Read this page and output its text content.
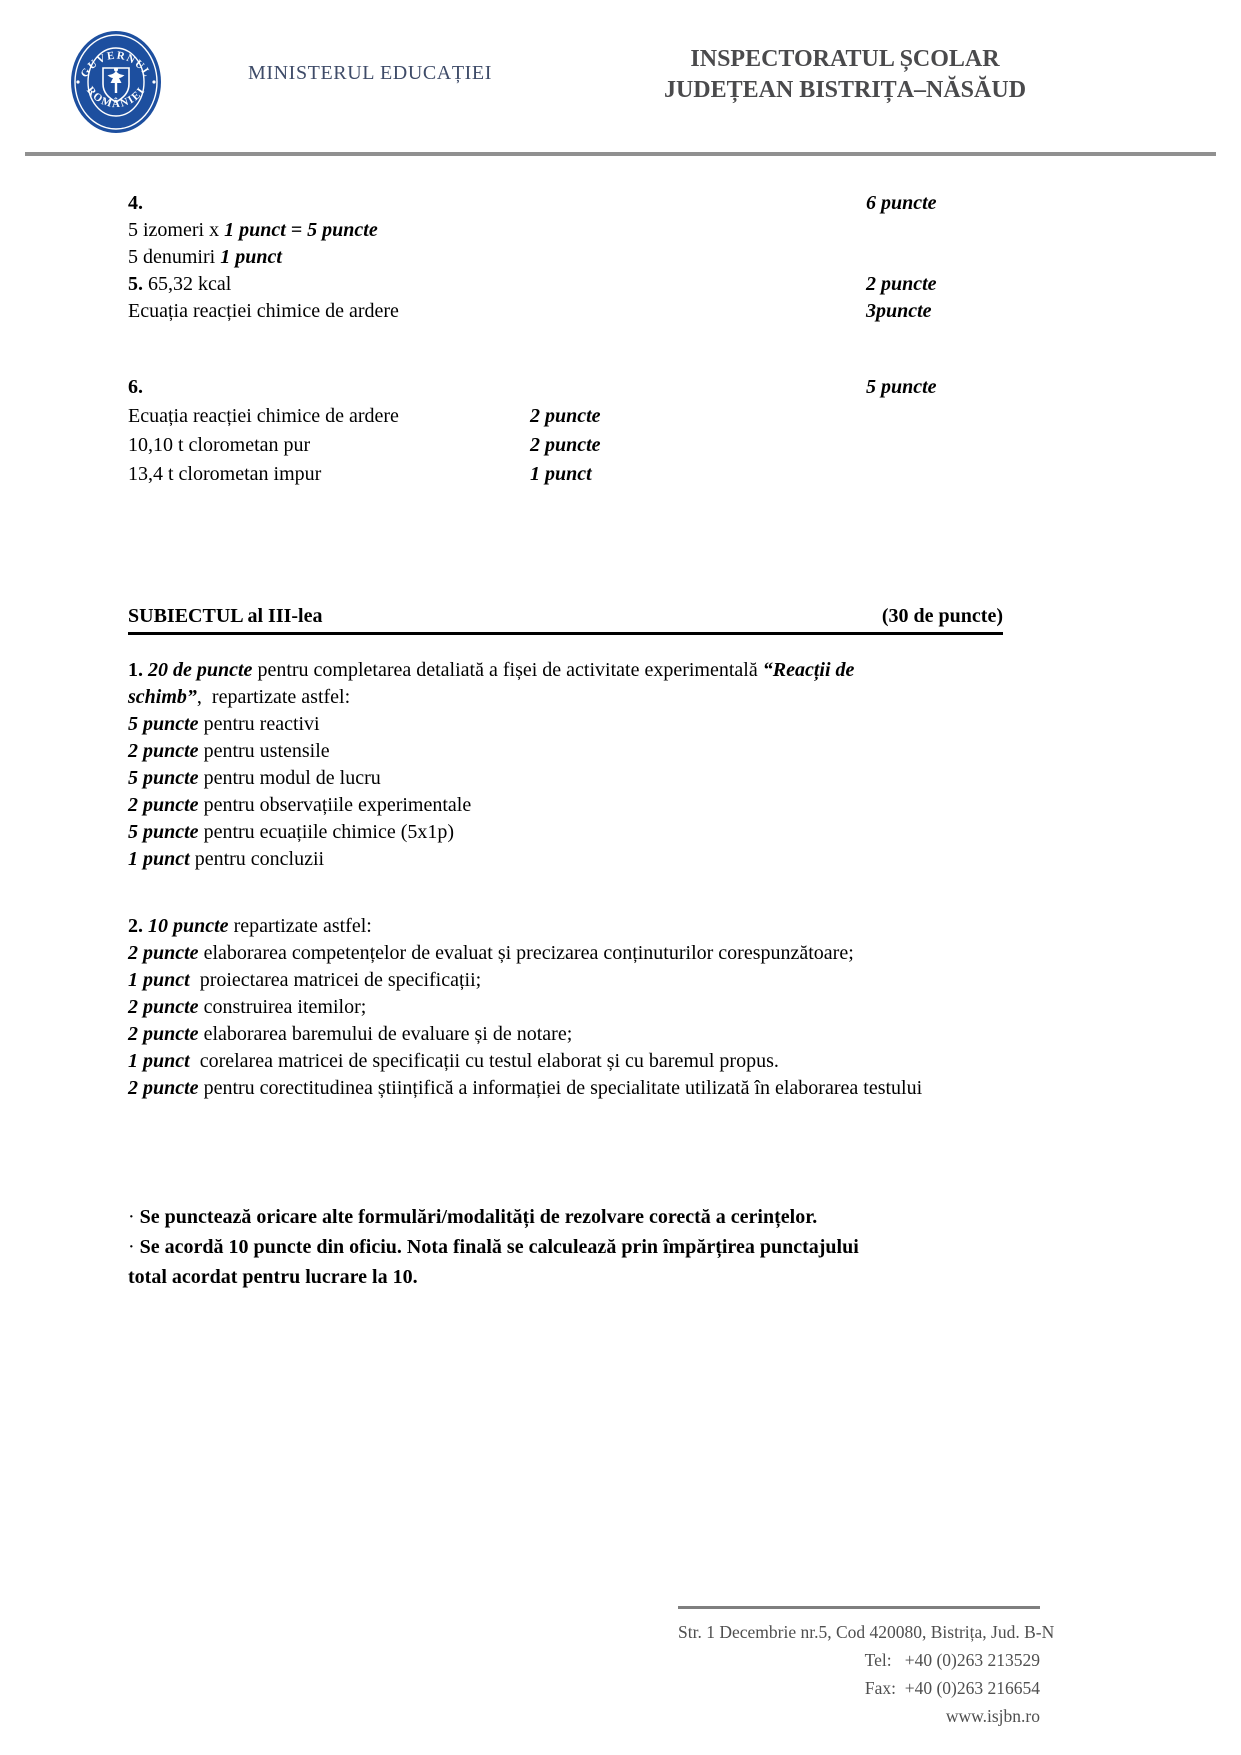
GUVERNUL
ROMÂNIEI
MINISTERUL EDUCAȚIEI
INSPECTORATUL ȘCOLAR
JUDEȚEAN BISTRIȚA–NĂSĂUD
4.	6 puncte
5 izomeri x 1 punct = 5 puncte
5 denumiri 1 punct
5. 65,32 kcal	2 puncte
Ecuația reacției chimice de ardere	3puncte
6.	5 puncte
Ecuația reacției chimice de ardere	2 puncte
10,10 t clorometan pur	2 puncte
13,4 t clorometan impur	1 punct
SUBIECTUL al III-lea	(30 de puncte)
1. 20 de puncte pentru completarea detaliată a fișei de activitate experimentală “Reacții de
schimb”,  repartizate astfel:
5 puncte pentru reactivi
2 puncte pentru ustensile
5 puncte pentru modul de lucru
2 puncte pentru observațiile experimentale
5 puncte pentru ecuațiile chimice (5x1p)
1 punct pentru concluzii
2. 10 puncte repartizate astfel:
2 puncte elaborarea competențelor de evaluat și precizarea conținuturilor corespunzătoare;
1 punct  proiectarea matricei de specificații;
2 puncte construirea itemilor;
2 puncte elaborarea baremului de evaluare și de notare;
1 punct  corelarea matricei de specificații cu testul elaborat și cu baremul propus.
2 puncte pentru corectitudinea științifică a informației de specialitate utilizată în elaborarea testului
· Se punctează oricare alte formulări/modalități de rezolvare corectă a cerințelor.
· Se acordă 10 puncte din oficiu. Nota finală se calculează prin împărțirea punctajului
total acordat pentru lucrare la 10.
Str. 1 Decembrie nr.5, Cod 420080, Bistrița, Jud. B-N
Tel:   +40 (0)263 213529
Fax:  +40 (0)263 216654
www.isjbn.ro
